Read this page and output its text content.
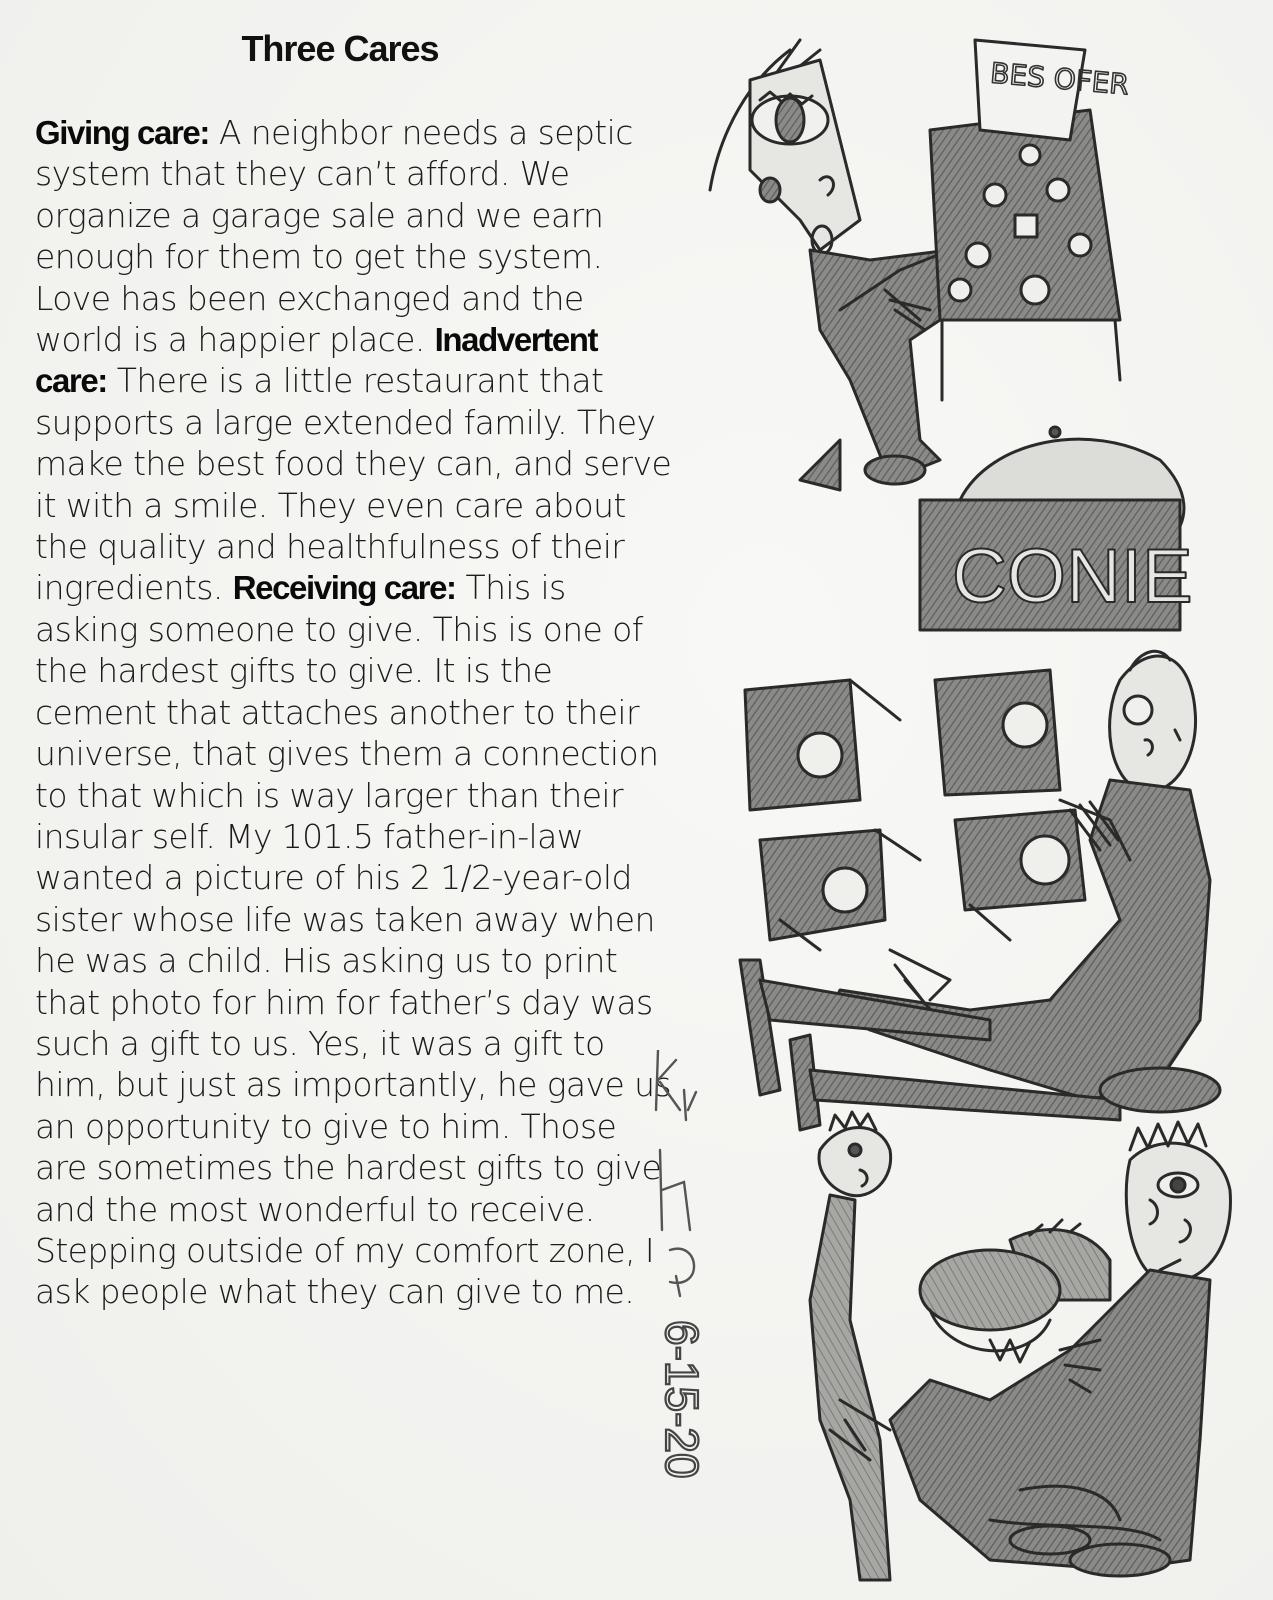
Three Cares
Giving care: A neighbor needs a septic system that they can’t afford. We organize a garage sale and we earn enough for them to get the system. Love has been exchanged and the world is a happier place. Inadvertent care: There is a little restaurant that supports a large extended family. They make the best food they can, and serve it with a smile. They even care about the quality and healthfulness of their ingredients. Receiving care: This is asking someone to give. This is one of the hardest gifts to give. It is the cement that attaches another to their universe, that gives them a connection to that which is way larger than their insular self. My 101.5 father-in-law wanted a picture of his 2 1/2-year-old sister whose life was taken away when he was a child. His asking us to print that photo for him for father’s day was such a gift to us. Yes, it was a gift to him, but just as importantly, he gave us an opportunity to give to him. Those are sometimes the hardest gifts to give and the most wonderful to receive. Stepping outside of my comfort zone, I ask people what they can give to me.
6-15-20
BES OFER
CONIE
